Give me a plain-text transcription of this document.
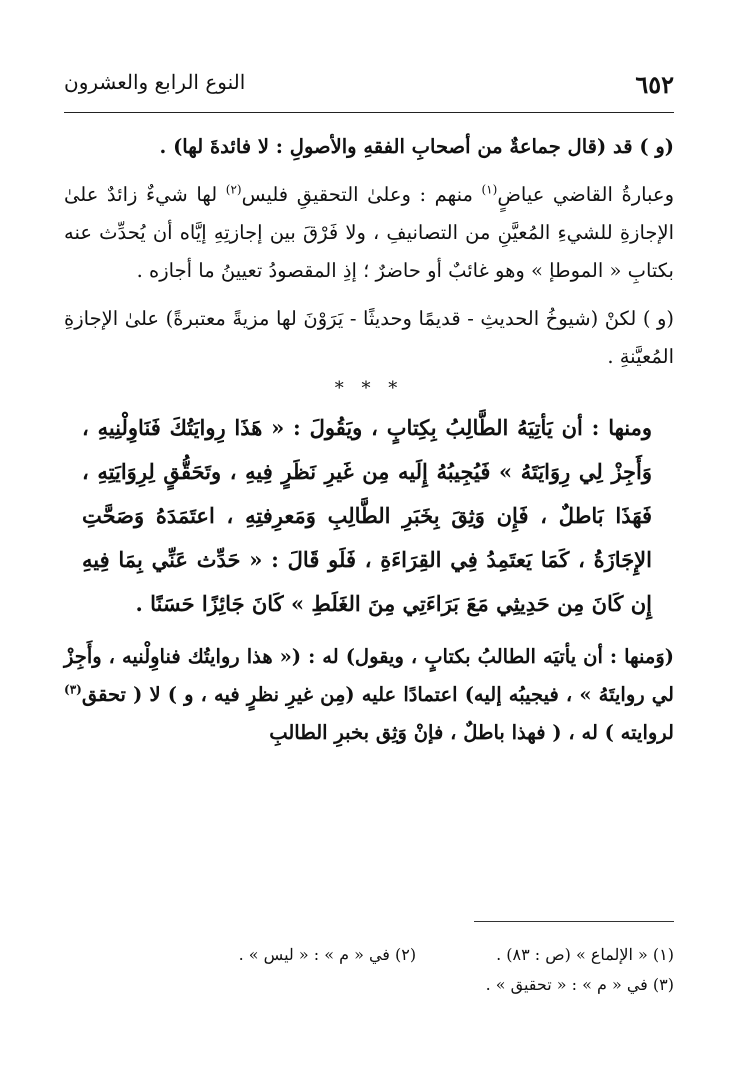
٦٥٢
النوع الرابع والعشرون

(و ) قد (قال جماعةٌ من أصحابِ الفقهِ والأصولِ : لا فائدةَ لها) .

وعبارةُ القاضي عياضٍ$^{(١)}$ منهم : وعلىٰ التحقيقِ فليس$^{(٢)}$ لها شيءٌ زائدٌ علىٰ الإجازةِ للشيءِ المُعيَّنِ من التصانيفِ ، ولا فَرْقَ بين إجازتِهِ إيَّاه أن يُحدِّث عنه بكتابِ « الموطإ » وهو غائبٌ أو حاضرٌ ؛ إذِ المقصودُ تعيينُ ما أجازه .

(و ) لكنْ (شيوخُ الحديثِ - قديمًا وحديثًا - يَرَوْنَ لها مزيةً معتبرةً) علىٰ الإجازةِ المُعيَّنةِ .

* * *

ومنها : أن يَأتِيَهُ الطَّالِبُ بِكِتابٍ ، ويَقُولَ : « هَذَا رِوايَتُكَ فَنَاوِلْنِيهِ ، وَأَجِزْ لِي رِوَايَتَهُ » فَيُجِيبُهُ إِلَيه مِن غَيرِ نَظَرٍ فِيهِ ، وتَحَقُّقٍ لِرِوَايَتِهِ ، فَهَذَا بَاطلٌ ، فَإِن وَثِقَ بِخَبَرِ الطَّالِبِ وَمَعرِفتِهِ ، اعتَمَدَهُ وَصَحَّتِ الإِجَازَةُ ، كَمَا يَعتَمِدُ فِي القِرَاءَةِ ، فَلَو قَالَ : « حَدِّث عَنِّي بِمَا فِيهِ إِن كَانَ مِن حَدِيثِي مَعَ بَرَاءَتِي مِنَ الغَلَطِ » كَانَ جَائِزًا حَسَنًا .

(وَمنها : أن يأتيَه الطالبُ بكتابٍ ، ويقول) له : (« هذا روايتُك فناوِلْنيه ، وأَجِزْ لي روايتَهُ » ، فيجيبُه إليه) اعتمادًا عليه (مِن غيرِ نظرٍ فيه ، و ) لا ( تحقق$^{(٣)}$ لروايته ) له ، ( فهذا باطلٌ ، فإنْ وَثِق بخبرِ الطالبِ

(١) « الإلماع » (ص : ٨٣) .
(٢) في « م » : « ليس » .
(٣) في « م » : « تحقيق » .
